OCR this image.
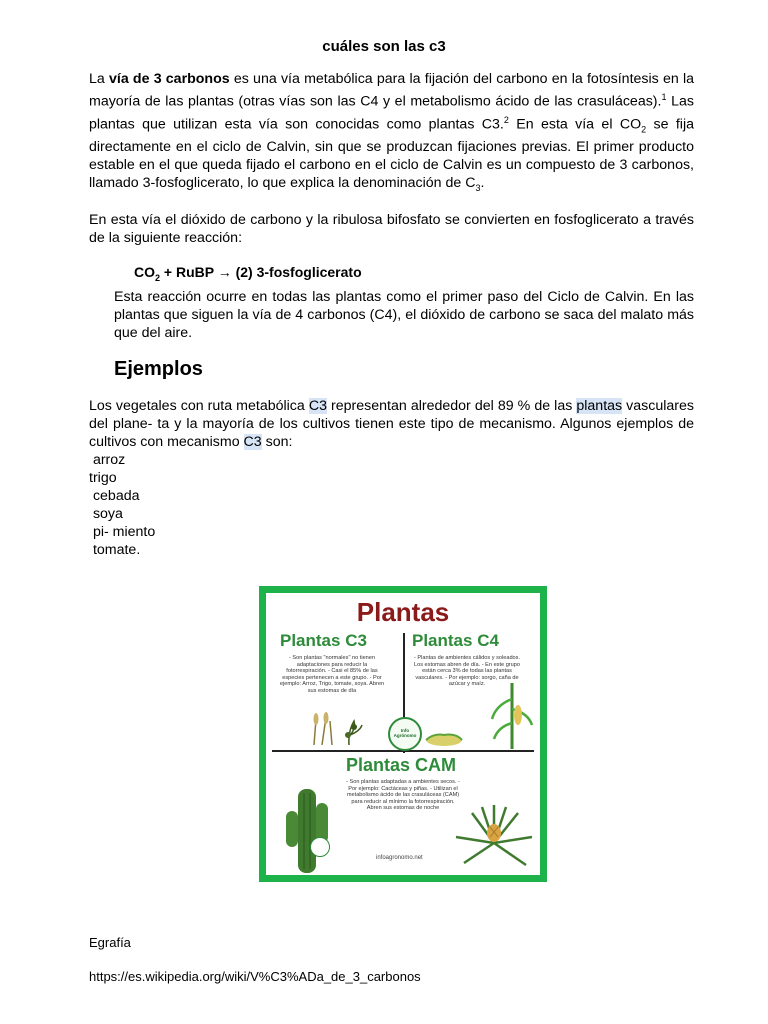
cuáles son las c3
La vía de 3 carbonos es una vía metabólica para la fijación del carbono en la fotosíntesis en la mayoría de las plantas (otras vías son las C4 y el metabolismo ácido de las crasuláceas).$^1$ Las plantas que utilizan esta vía son conocidas como plantas C3.$^2$ En esta vía el $CO_2$ se fija directamente en el ciclo de Calvin, sin que se produzcan fijaciones previas. El primer producto estable en el que queda fijado el carbono en el ciclo de Calvin es un compuesto de 3 carbonos, llamado 3-fosfoglicerato, lo que explica la denominación de $C_3$.
En esta vía el dióxido de carbono y la ribulosa bifosfato se convierten en fosfoglicerato a través de la siguiente reacción:
$CO_2$ + RuBP → (2) 3-fosfoglicerato
Esta reacción ocurre en todas las plantas como el primer paso del Ciclo de Calvin. En las plantas que siguen la vía de 4 carbonos (C4), el dióxido de carbono se saca del malato más que del aire.
Ejemplos
Los vegetales con ruta metabólica C3 representan alrededor del 89 % de las plantas vasculares del plane- ta y la mayoría de los cultivos tienen este tipo de mecanismo. Algunos ejemplos de cultivos con mecanismo C3 son:
arroz
trigo
cebada
soya
pi- miento
tomate.
Plantas
Plantas C3	Plantas C4
- Son plantas "normales" no tienen adaptaciones para reducir la fotorrespiración. - Casi el 85% de las especies pertenecen a este grupo. - Por ejemplo: Arroz, Trigo, tomate, soya. Abren sus estomas de día
- Plantas de ambientes cálidos y soleados. Los estomas abren de día. - En este grupo están cerca 3% de todas las plantas vasculares. - Por ejemplo: sorgo, caña de azúcar y maíz.
Info Agrónomo
Plantas CAM
- Son plantas adaptadas a ambientes secos. - Por ejemplo: Cactáceas y piñas. - Utilizan el metabolismo ácido de las crasuláceas (CAM) para reducir al mínimo la fotorrespiración. Abren sus estomas de noche
infoagronomo.net
Egrafía
https://es.wikipedia.org/wiki/V%C3%ADa_de_3_carbonos
